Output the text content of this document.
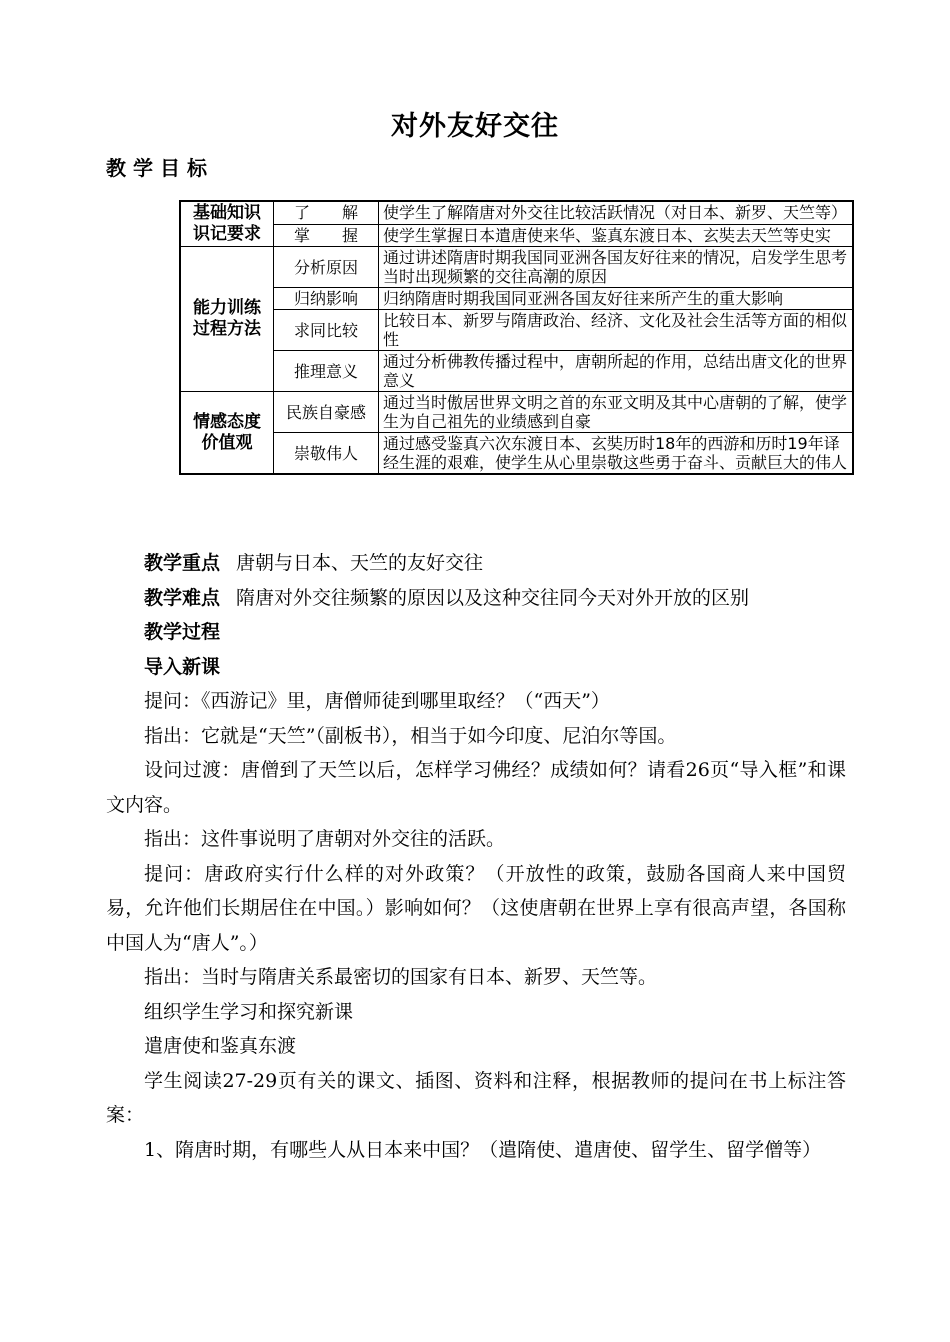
对外友好交往
教学目标
基础知识识记要求	了　　解	使学生了解隋唐对外交往比较活跃情况（对日本、新罗、天竺等）
	掌　　握	使学生掌握日本遣唐使来华、鉴真东渡日本、玄奘去天竺等史实
能力训练过程方法	分析原因	通过讲述隋唐时期我国同亚洲各国友好往来的情况，启发学生思考当时出现频繁的交往高潮的原因
	归纳影响	归纳隋唐时期我国同亚洲各国友好往来所产生的重大影响
	求同比较	比较日本、新罗与隋唐政治、经济、文化及社会生活等方面的相似性
	推理意义	通过分析佛教传播过程中，唐朝所起的作用，总结出唐文化的世界意义
情感态度价值观	民族自豪感	通过当时傲居世界文明之首的东亚文明及其中心唐朝的了解，使学生为自己祖先的业绩感到自豪
	崇敬伟人	通过感受鉴真六次东渡日本、玄奘历时18年的西游和历时19年译经生涯的艰难，使学生从心里崇敬这些勇于奋斗、贡献巨大的伟人

教学重点 唐朝与日本、天竺的友好交往

教学难点 隋唐对外交往频繁的原因以及这种交往同今天对外开放的区别

教学过程

导入新课

提问：《西游记》里，唐僧师徒到哪里取经？（“西天”）

指出：它就是“天竺”（副板书），相当于如今印度、尼泊尔等国。

设问过渡：唐僧到了天竺以后，怎样学习佛经？成绩如何？请看26页“导入框”和课文内容。

指出：这件事说明了唐朝对外交往的活跃。

提问：唐政府实行什么样的对外政策？（开放性的政策，鼓励各国商人来中国贸易，允许他们长期居住在中国。）影响如何？（这使唐朝在世界上享有很高声望，各国称中国人为“唐人”。）

指出：当时与隋唐关系最密切的国家有日本、新罗、天竺等。

组织学生学习和探究新课

遣唐使和鉴真东渡

学生阅读27-29页有关的课文、插图、资料和注释，根据教师的提问在书上标注答案：

1、隋唐时期，有哪些人从日本来中国？（遣隋使、遣唐使、留学生、留学僧等）
